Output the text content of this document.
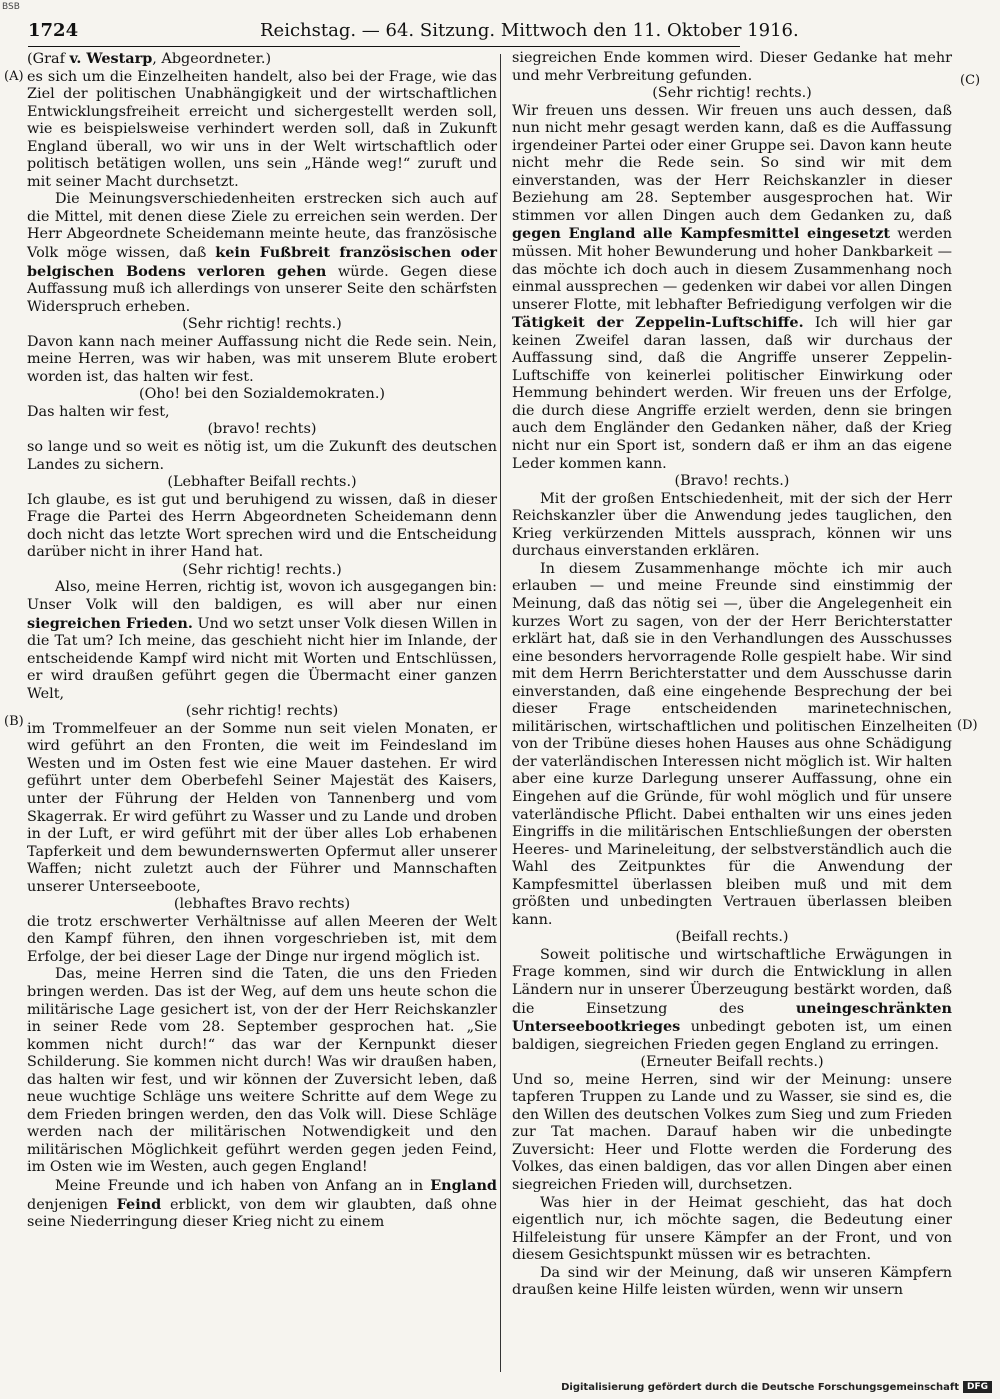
BSB
1724	Reichstag. — 64. Sitzung. Mittwoch den 11. Oktober 1916.

(Graf v. Westarp, Abgeordneter.)

es sich um die Einzelheiten handelt, also bei der Frage, wie das Ziel der politischen Unabhängigkeit und der wirtschaftlichen Entwicklungsfreiheit erreicht und sichergestellt werden soll, wie es beispielsweise verhindert werden soll, daß in Zukunft England überall, wo wir uns in der Welt wirtschaftlich oder politisch betätigen wollen, uns sein „Hände weg!“ zuruft und mit seiner Macht durchsetzt.

Die Meinungsverschiedenheiten erstrecken sich auch auf die Mittel, mit denen diese Ziele zu erreichen sein werden. Der Herr Abgeordnete Scheidemann meinte heute, das französische Volk möge wissen, daß kein Fußbreit französischen oder belgischen Bodens verloren gehen würde. Gegen diese Auffassung muß ich allerdings von unserer Seite den schärfsten Widerspruch erheben.

(Sehr richtig! rechts.)

Davon kann nach meiner Auffassung nicht die Rede sein. Nein, meine Herren, was wir haben, was mit unserem Blute erobert worden ist, das halten wir fest.

(Oho! bei den Sozialdemokraten.)

Das halten wir fest,

(bravo! rechts)

so lange und so weit es nötig ist, um die Zukunft des deutschen Landes zu sichern.

(Lebhafter Beifall rechts.)

Ich glaube, es ist gut und beruhigend zu wissen, daß in dieser Frage die Partei des Herrn Abgeordneten Scheidemann denn doch nicht das letzte Wort sprechen wird und die Entscheidung darüber nicht in ihrer Hand hat.

(Sehr richtig! rechts.)

Also, meine Herren, richtig ist, wovon ich ausgegangen bin: Unser Volk will den baldigen, es will aber nur einen siegreichen Frieden. Und wo setzt unser Volk diesen Willen in die Tat um? Ich meine, das geschieht nicht hier im Inlande, der entscheidende Kampf wird nicht mit Worten und Entschlüssen, er wird draußen geführt gegen die Übermacht einer ganzen Welt,

(sehr richtig! rechts)

im Trommelfeuer an der Somme nun seit vielen Monaten, er wird geführt an den Fronten, die weit im Feindesland im Westen und im Osten fest wie eine Mauer dastehen. Er wird geführt unter dem Oberbefehl Seiner Majestät des Kaisers, unter der Führung der Helden von Tannenberg und vom Skagerrak. Er wird geführt zu Wasser und zu Lande und droben in der Luft, er wird geführt mit der über alles Lob erhabenen Tapferkeit und dem bewundernswerten Opfermut aller unserer Waffen; nicht zuletzt auch der Führer und Mannschaften unserer Unterseeboote,

(lebhaftes Bravo rechts)

die trotz erschwerter Verhältnisse auf allen Meeren der Welt den Kampf führen, den ihnen vorgeschrieben ist, mit dem Erfolge, der bei dieser Lage der Dinge nur irgend möglich ist.

Das, meine Herren sind die Taten, die uns den Frieden bringen werden. Das ist der Weg, auf dem uns heute schon die militärische Lage gesichert ist, von der der Herr Reichskanzler in seiner Rede vom 28. September gesprochen hat. „Sie kommen nicht durch!“ das war der Kernpunkt dieser Schilderung. Sie kommen nicht durch! Was wir draußen haben, das halten wir fest, und wir können der Zuversicht leben, daß neue wuchtige Schläge uns weitere Schritte auf dem Wege zu dem Frieden bringen werden, den das Volk will. Diese Schläge werden nach der militärischen Notwendigkeit und den militärischen Möglichkeit geführt werden gegen jeden Feind, im Osten wie im Westen, auch gegen England!

Meine Freunde und ich haben von Anfang an in England denjenigen Feind erblickt, von dem wir glaubten, daß ohne seine Niederringung dieser Krieg nicht zu einem

siegreichen Ende kommen wird. Dieser Gedanke hat mehr und mehr Verbreitung gefunden.

(Sehr richtig! rechts.)

Wir freuen uns dessen. Wir freuen uns auch dessen, daß nun nicht mehr gesagt werden kann, daß es die Auffassung irgendeiner Partei oder einer Gruppe sei. Davon kann heute nicht mehr die Rede sein. So sind wir mit dem einverstanden, was der Herr Reichskanzler in dieser Beziehung am 28. September ausgesprochen hat. Wir stimmen vor allen Dingen auch dem Gedanken zu, daß gegen England alle Kampfesmittel eingesetzt werden müssen. Mit hoher Bewunderung und hoher Dankbarkeit — das möchte ich doch auch in diesem Zusammenhang noch einmal aussprechen — gedenken wir dabei vor allen Dingen unserer Flotte, mit lebhafter Befriedigung verfolgen wir die Tätigkeit der Zeppelin-Luftschiffe. Ich will hier gar keinen Zweifel daran lassen, daß wir durchaus der Auffassung sind, daß die Angriffe unserer Zeppelin-Luftschiffe von keinerlei politischer Einwirkung oder Hemmung behindert werden. Wir freuen uns der Erfolge, die durch diese Angriffe erzielt werden, denn sie bringen auch dem Engländer den Gedanken näher, daß der Krieg nicht nur ein Sport ist, sondern daß er ihm an das eigene Leder kommen kann.

(Bravo! rechts.)

Mit der großen Entschiedenheit, mit der sich der Herr Reichskanzler über die Anwendung jedes tauglichen, den Krieg verkürzenden Mittels aussprach, können wir uns durchaus einverstanden erklären.

In diesem Zusammenhange möchte ich mir auch erlauben — und meine Freunde sind einstimmig der Meinung, daß das nötig sei —, über die Angelegenheit ein kurzes Wort zu sagen, von der der Herr Berichterstatter erklärt hat, daß sie in den Verhandlungen des Ausschusses eine besonders hervorragende Rolle gespielt habe. Wir sind mit dem Herrn Berichterstatter und dem Ausschusse darin einverstanden, daß eine eingehende Besprechung der bei dieser Frage entscheidenden marinetechnischen, militärischen, wirtschaftlichen und politischen Einzelheiten von der Tribüne dieses hohen Hauses aus ohne Schädigung der vaterländischen Interessen nicht möglich ist. Wir halten aber eine kurze Darlegung unserer Auffassung, ohne ein Eingehen auf die Gründe, für wohl möglich und für unsere vaterländische Pflicht. Dabei enthalten wir uns eines jeden Eingriffs in die militärischen Entschließungen der obersten Heeres- und Marineleitung, der selbstverständlich auch die Wahl des Zeitpunktes für die Anwendung der Kampfesmittel überlassen bleiben muß und mit dem größten und unbedingten Vertrauen überlassen bleiben kann.

(Beifall rechts.)

Soweit politische und wirtschaftliche Erwägungen in Frage kommen, sind wir durch die Entwicklung in allen Ländern nur in unserer Überzeugung bestärkt worden, daß die Einsetzung des uneingeschränkten Unterseebootkrieges unbedingt geboten ist, um einen baldigen, siegreichen Frieden gegen England zu erringen.

(Erneuter Beifall rechts.)

Und so, meine Herren, sind wir der Meinung: unsere tapferen Truppen zu Lande und zu Wasser, sie sind es, die den Willen des deutschen Volkes zum Sieg und zum Frieden zur Tat machen. Darauf haben wir die unbedingte Zuversicht: Heer und Flotte werden die Forderung des Volkes, das einen baldigen, das vor allen Dingen aber einen siegreichen Frieden will, durchsetzen.

Was hier in der Heimat geschieht, das hat doch eigentlich nur, ich möchte sagen, die Bedeutung einer Hilfeleistung für unsere Kämpfer an der Front, und von diesem Gesichtspunkt müssen wir es betrachten.

Da sind wir der Meinung, daß wir unseren Kämpfern draußen keine Hilfe leisten würden, wenn wir unsern

(A)
(B)
(C)
(D)
Digitalisierung gefördert durch die Deutsche Forschungsgemeinschaft DFG
